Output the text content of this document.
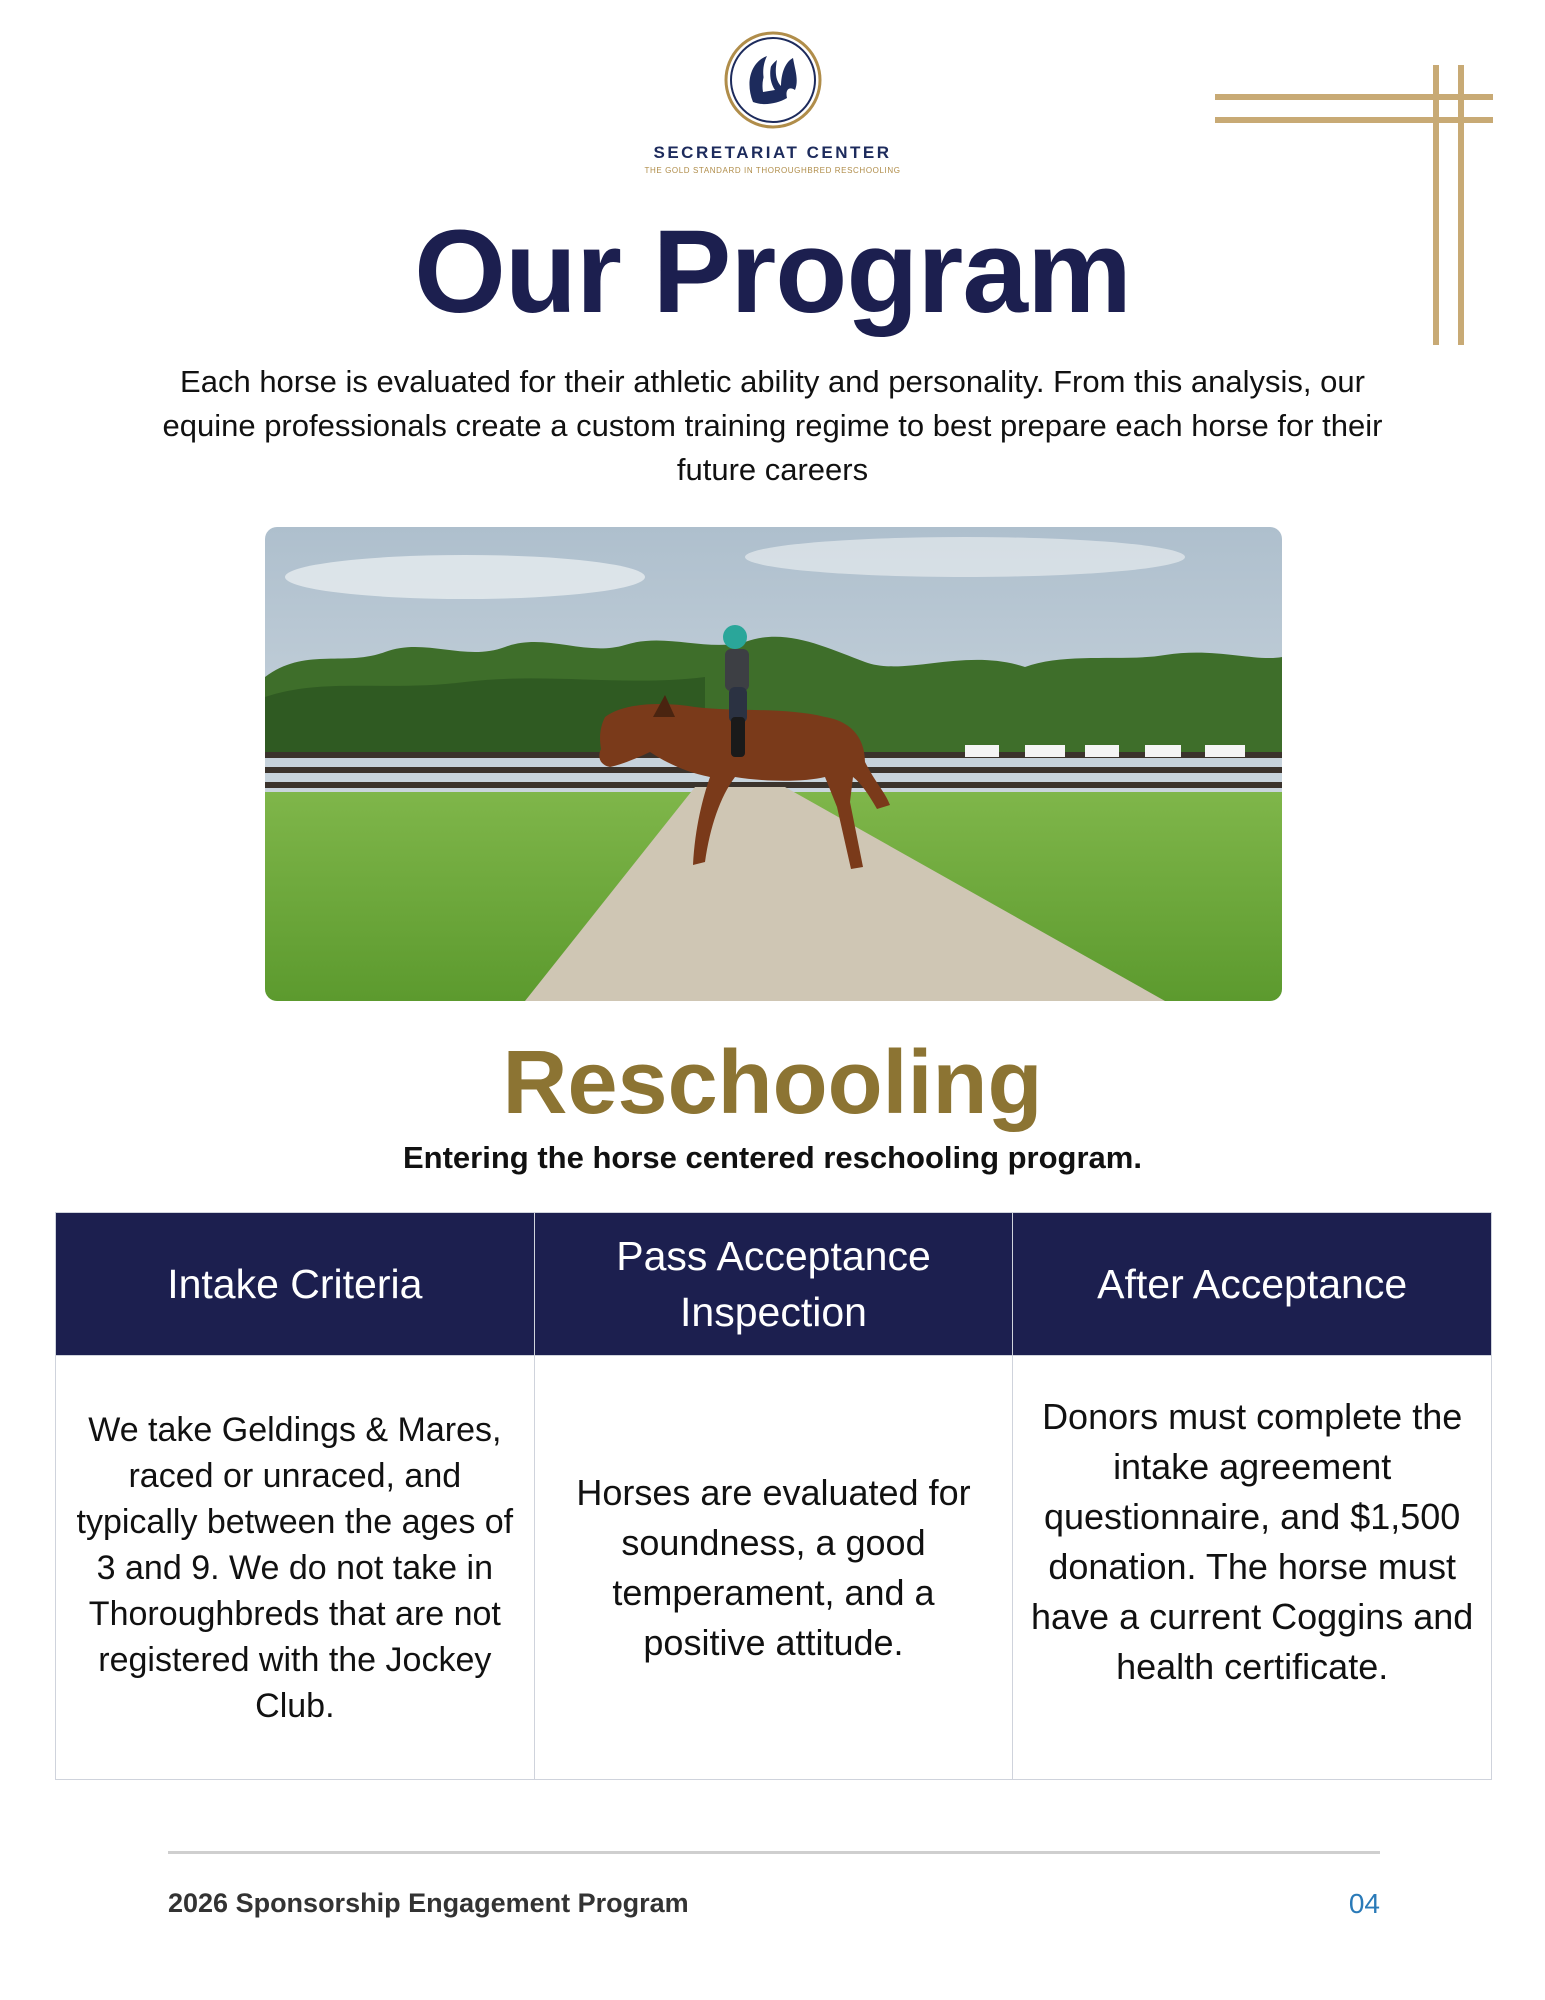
SECRETARIAT CENTER
THE GOLD STANDARD IN THOROUGHBRED RESCHOOLING
Our Program
Each horse is evaluated for their athletic ability and personality. From this analysis, our equine professionals create a custom training regime to best prepare each horse for their future careers
Reschooling
Entering the horse centered reschooling program.
Intake Criteria	Pass Acceptance Inspection	After Acceptance
We take Geldings & Mares, raced or unraced, and typically between the ages of 3 and 9. We do not take in Thoroughbreds that are not registered with the Jockey Club.	Horses are evaluated for soundness, a good temperament, and a positive attitude.	Donors must complete the intake agreement questionnaire, and $1,500 donation. The horse must have a current Coggins and health certificate.
2026 Sponsorship Engagement Program	04
